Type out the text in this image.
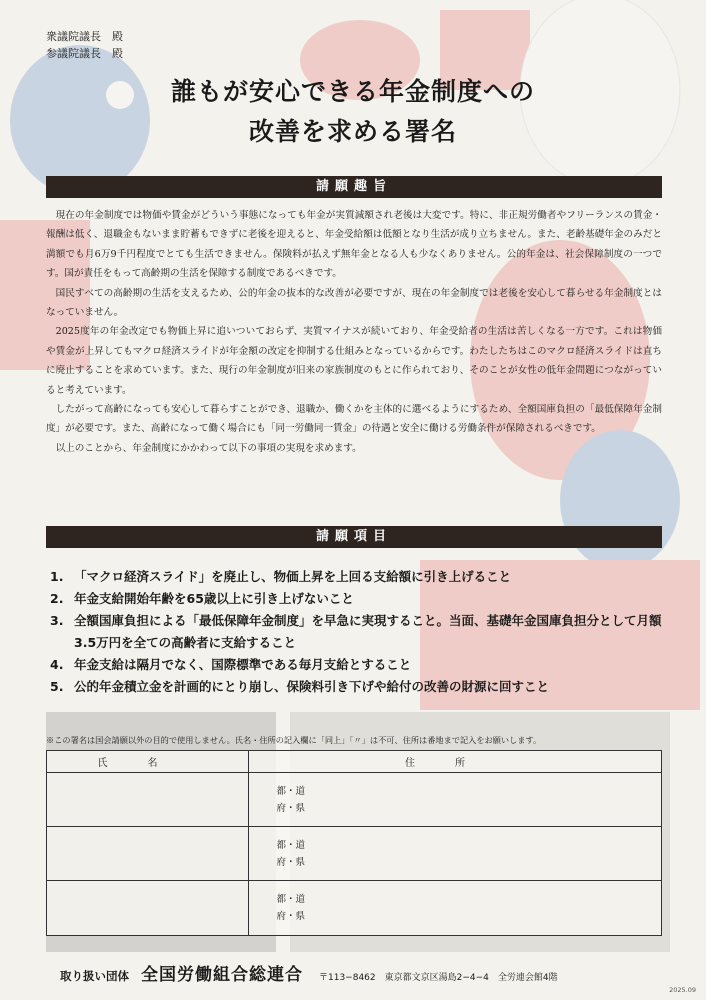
衆議院議長　殿
参議院議長　殿
誰もが安心できる年金制度への
改善を求める署名
請願趣旨

現在の年金制度では物価や賃金がどういう事態になっても年金が実質減額され老後は大変です。特に、非正規労働者やフリーランスの賃金・報酬は低く、退職金もないまま貯蓄もできずに老後を迎えると、年金受給額は低額となり生活が成り立ちません。また、老齢基礎年金のみだと満額でも月6万9千円程度でとても生活できません。保険料が払えず無年金となる人も少なくありません。公的年金は、社会保障制度の一つです。国が責任をもって高齢期の生活を保障する制度であるべきです。

国民すべての高齢期の生活を支えるため、公的年金の抜本的な改善が必要ですが、現在の年金制度では老後を安心して暮らせる年金制度とはなっていません。

2025度年の年金改定でも物価上昇に追いついておらず、実質マイナスが続いており、年金受給者の生活は苦しくなる一方です。これは物価や賃金が上昇してもマクロ経済スライドが年金額の改定を抑制する仕組みとなっているからです。わたしたちはこのマクロ経済スライドは直ちに廃止することを求めています。また、現行の年金制度が旧来の家族制度のもとに作られており、そのことが女性の低年金問題につながっていると考えています。

したがって高齢になっても安心して暮らすことができ、退職か、働くかを主体的に選べるようにするため、全額国庫負担の「最低保障年金制度」が必要です。また、高齢になって働く場合にも「同一労働同一賃金」の待遇と安全に働ける労働条件が保障されるべきです。

以上のことから、年金制度にかかわって以下の事項の実現を求めます。

請願項目
1. 「マクロ経済スライド」を廃止し、物価上昇を上回る支給額に引き上げること
2. 年金支給開始年齢を65歳以上に引き上げないこと
3. 全額国庫負担による「最低保障年金制度」を早急に実現すること。当面、基礎年金国庫負担分として月額3.5万円を全ての高齢者に支給すること
4. 年金支給は隔月でなく、国際標準である毎月支給とすること
5. 公的年金積立金を計画的にとり崩し、保険料引き下げや給付の改善の財源に回すこと
※この署名は国会請願以外の目的で使用しません。氏名・住所の記入欄に「同上」「〃」は不可、住所は番地まで記入をお願いします。
氏名	住所
都・道
府・県
都・道
府・県
都・道
府・県
取り扱い団体 全国労働組合総連合 〒113−8462　東京都文京区湯島2−4−4　全労連会館4階
2025.09
